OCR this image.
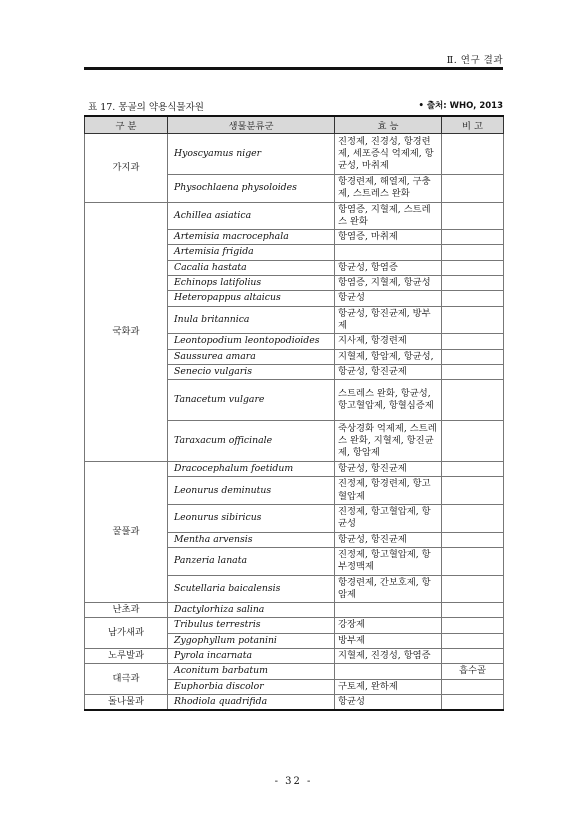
Ⅱ. 연구 결과
표 17. 몽골의 약용식물자원	• 출처: WHO, 2013
구 분	생물분류군	효 능	비 고
가지과	Hyoscyamus niger	진정제, 진경성, 항경련제, 세포증식 억제제, 항균성, 마취제	
	Physochlaena physoloides	항경련제, 해열제, 구충제, 스트레스 완화	
국화과	Achillea asiatica	항염증, 지혈제, 스트레스 완화	
	Artemisia macrocephala	항염증, 마취제	
	Artemisia frigida		
	Cacalia hastata	항균성, 항염증	
	Echinops latifolius	항염증, 지혈제, 항균성	
	Heteropappus altaicus	항균성	
	Inula britannica	항균성, 항진균제, 방부제	
	Leontopodium leontopodioides	지사제, 항경련제	
	Saussurea amara	지혈제, 항암제, 항균성,	
	Senecio vulgaris	항균성, 항진균제	
	Tanacetum vulgare	스트레스 완화, 항균성, 항고혈압제, 항혈심증제	
	Taraxacum officinale	죽상경화 억제제, 스트레스 완화, 지혈제, 항진균제, 항암제	
꿀풀과	Dracocephalum foetidum	항균성, 항진균제	
	Leonurus deminutus	진정제, 항경련제, 항고혈압제	
	Leonurus sibiricus	진정제, 항고혈압제, 항균성	
	Mentha arvensis	항균성, 항진균제	
	Panzeria lanata	진정제, 항고혈압제, 항부정맥제	
	Scutellaria baicalensis	항경련제, 간보호제, 항암제	
난초과	Dactylorhiza salina		
남가새과	Tribulus terrestris	강장제	
	Zygophyllum potanini	방부제	
노루발과	Pyrola incarnata	지혈제, 진경성, 항염증	
대극과	Aconitum barbatum		흡수골
	Euphorbia discolor	구토제, 완하제	
돌나물과	Rhodiola quadrifida	항균성	
- 32 -
